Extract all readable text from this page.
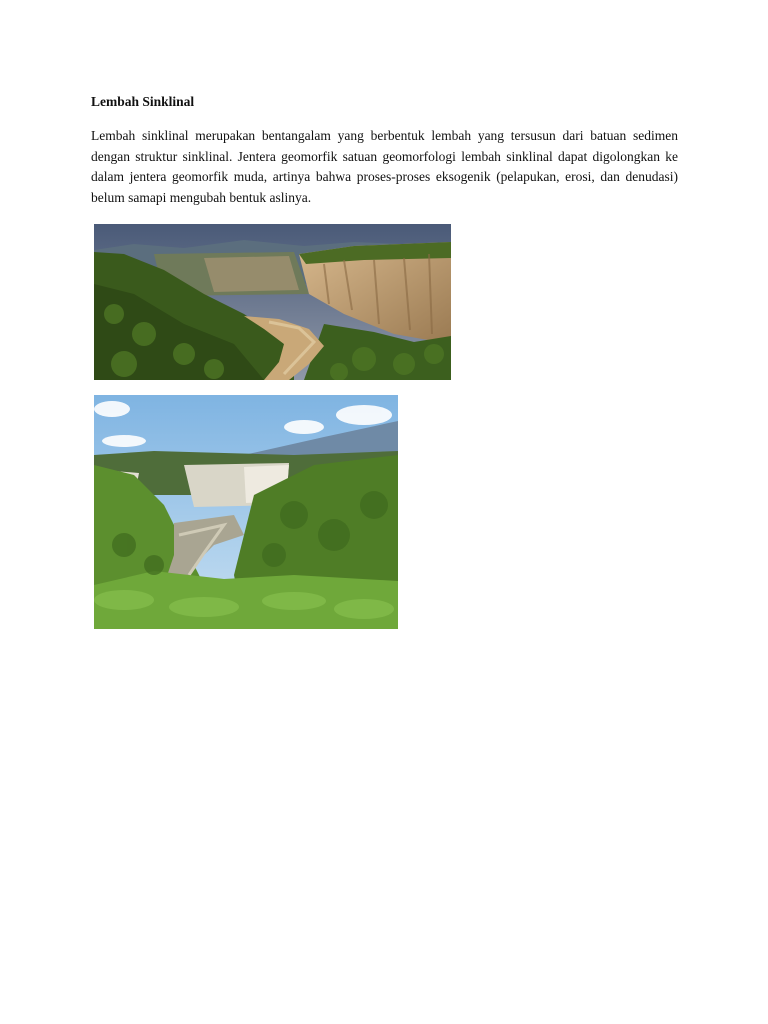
Lembah Sinklinal

Lembah sinklinal merupakan bentangalam yang berbentuk lembah yang tersusun dari batuan sedimen dengan struktur sinklinal. Jentera geomorfik satuan geomorfologi lembah sinklinal dapat digolongkan ke dalam jentera geomorfik muda, artinya bahwa proses-proses eksogenik (pelapukan, erosi, dan denudasi) belum samapi mengubah bentuk aslinya.
